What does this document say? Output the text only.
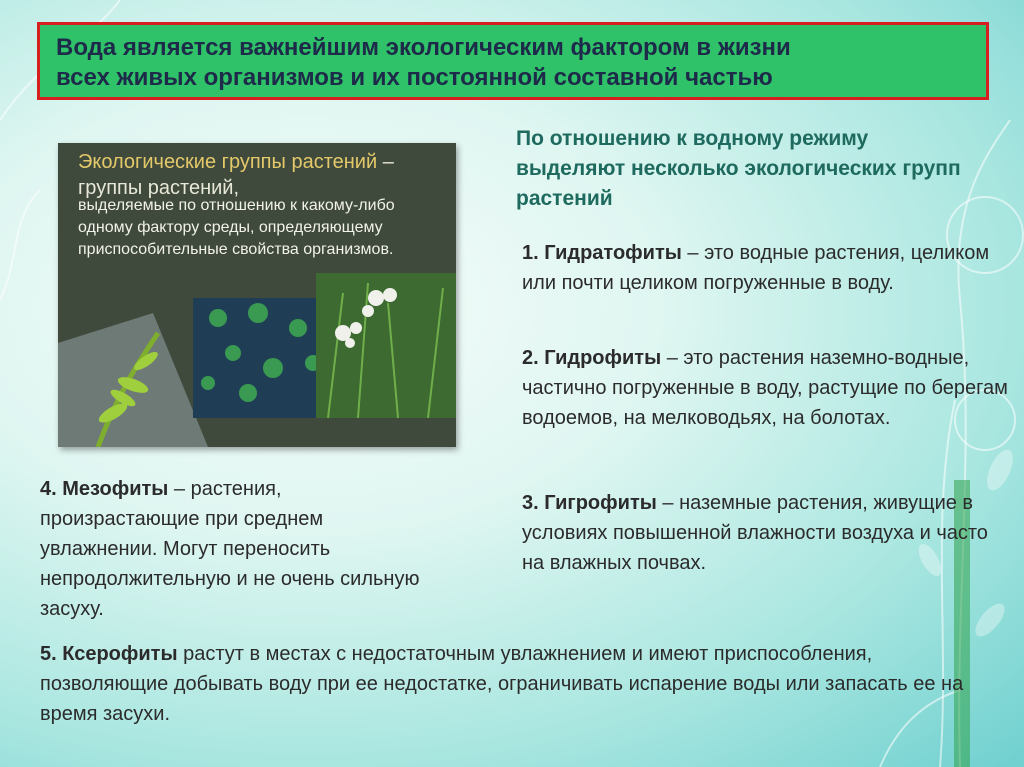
Вода является важнейшим экологическим фактором в жизни
всех живых организмов и их постоянной составной частью
По отношению к водному режиму выделяют несколько экологических групп растений
Экологические группы растений – группы растений,
выделяемые по отношению к какому-либо одному фактору среды, определяющему приспособительные свойства организмов.	1. Гидратофиты – это водные растения, целиком или почти целиком погруженные в воду.
2. Гидрофиты – это растения наземно-водные, частично погруженные в воду, растущие по берегам водоемов, на мелководьях, на болотах.
3. Гигрофиты – наземные растения, живущие в условиях повышенной влажности воздуха и часто на влажных почвах.
4. Мезофиты – растения, произрастающие при среднем увлажнении. Могут переносить непродолжительную и не очень сильную засуху.
5. Ксерофиты растут в местах с недостаточным увлажнением и имеют приспособления, позволяющие добывать воду при ее недостатке, ограничивать испарение воды или запасать ее на время засухи.
